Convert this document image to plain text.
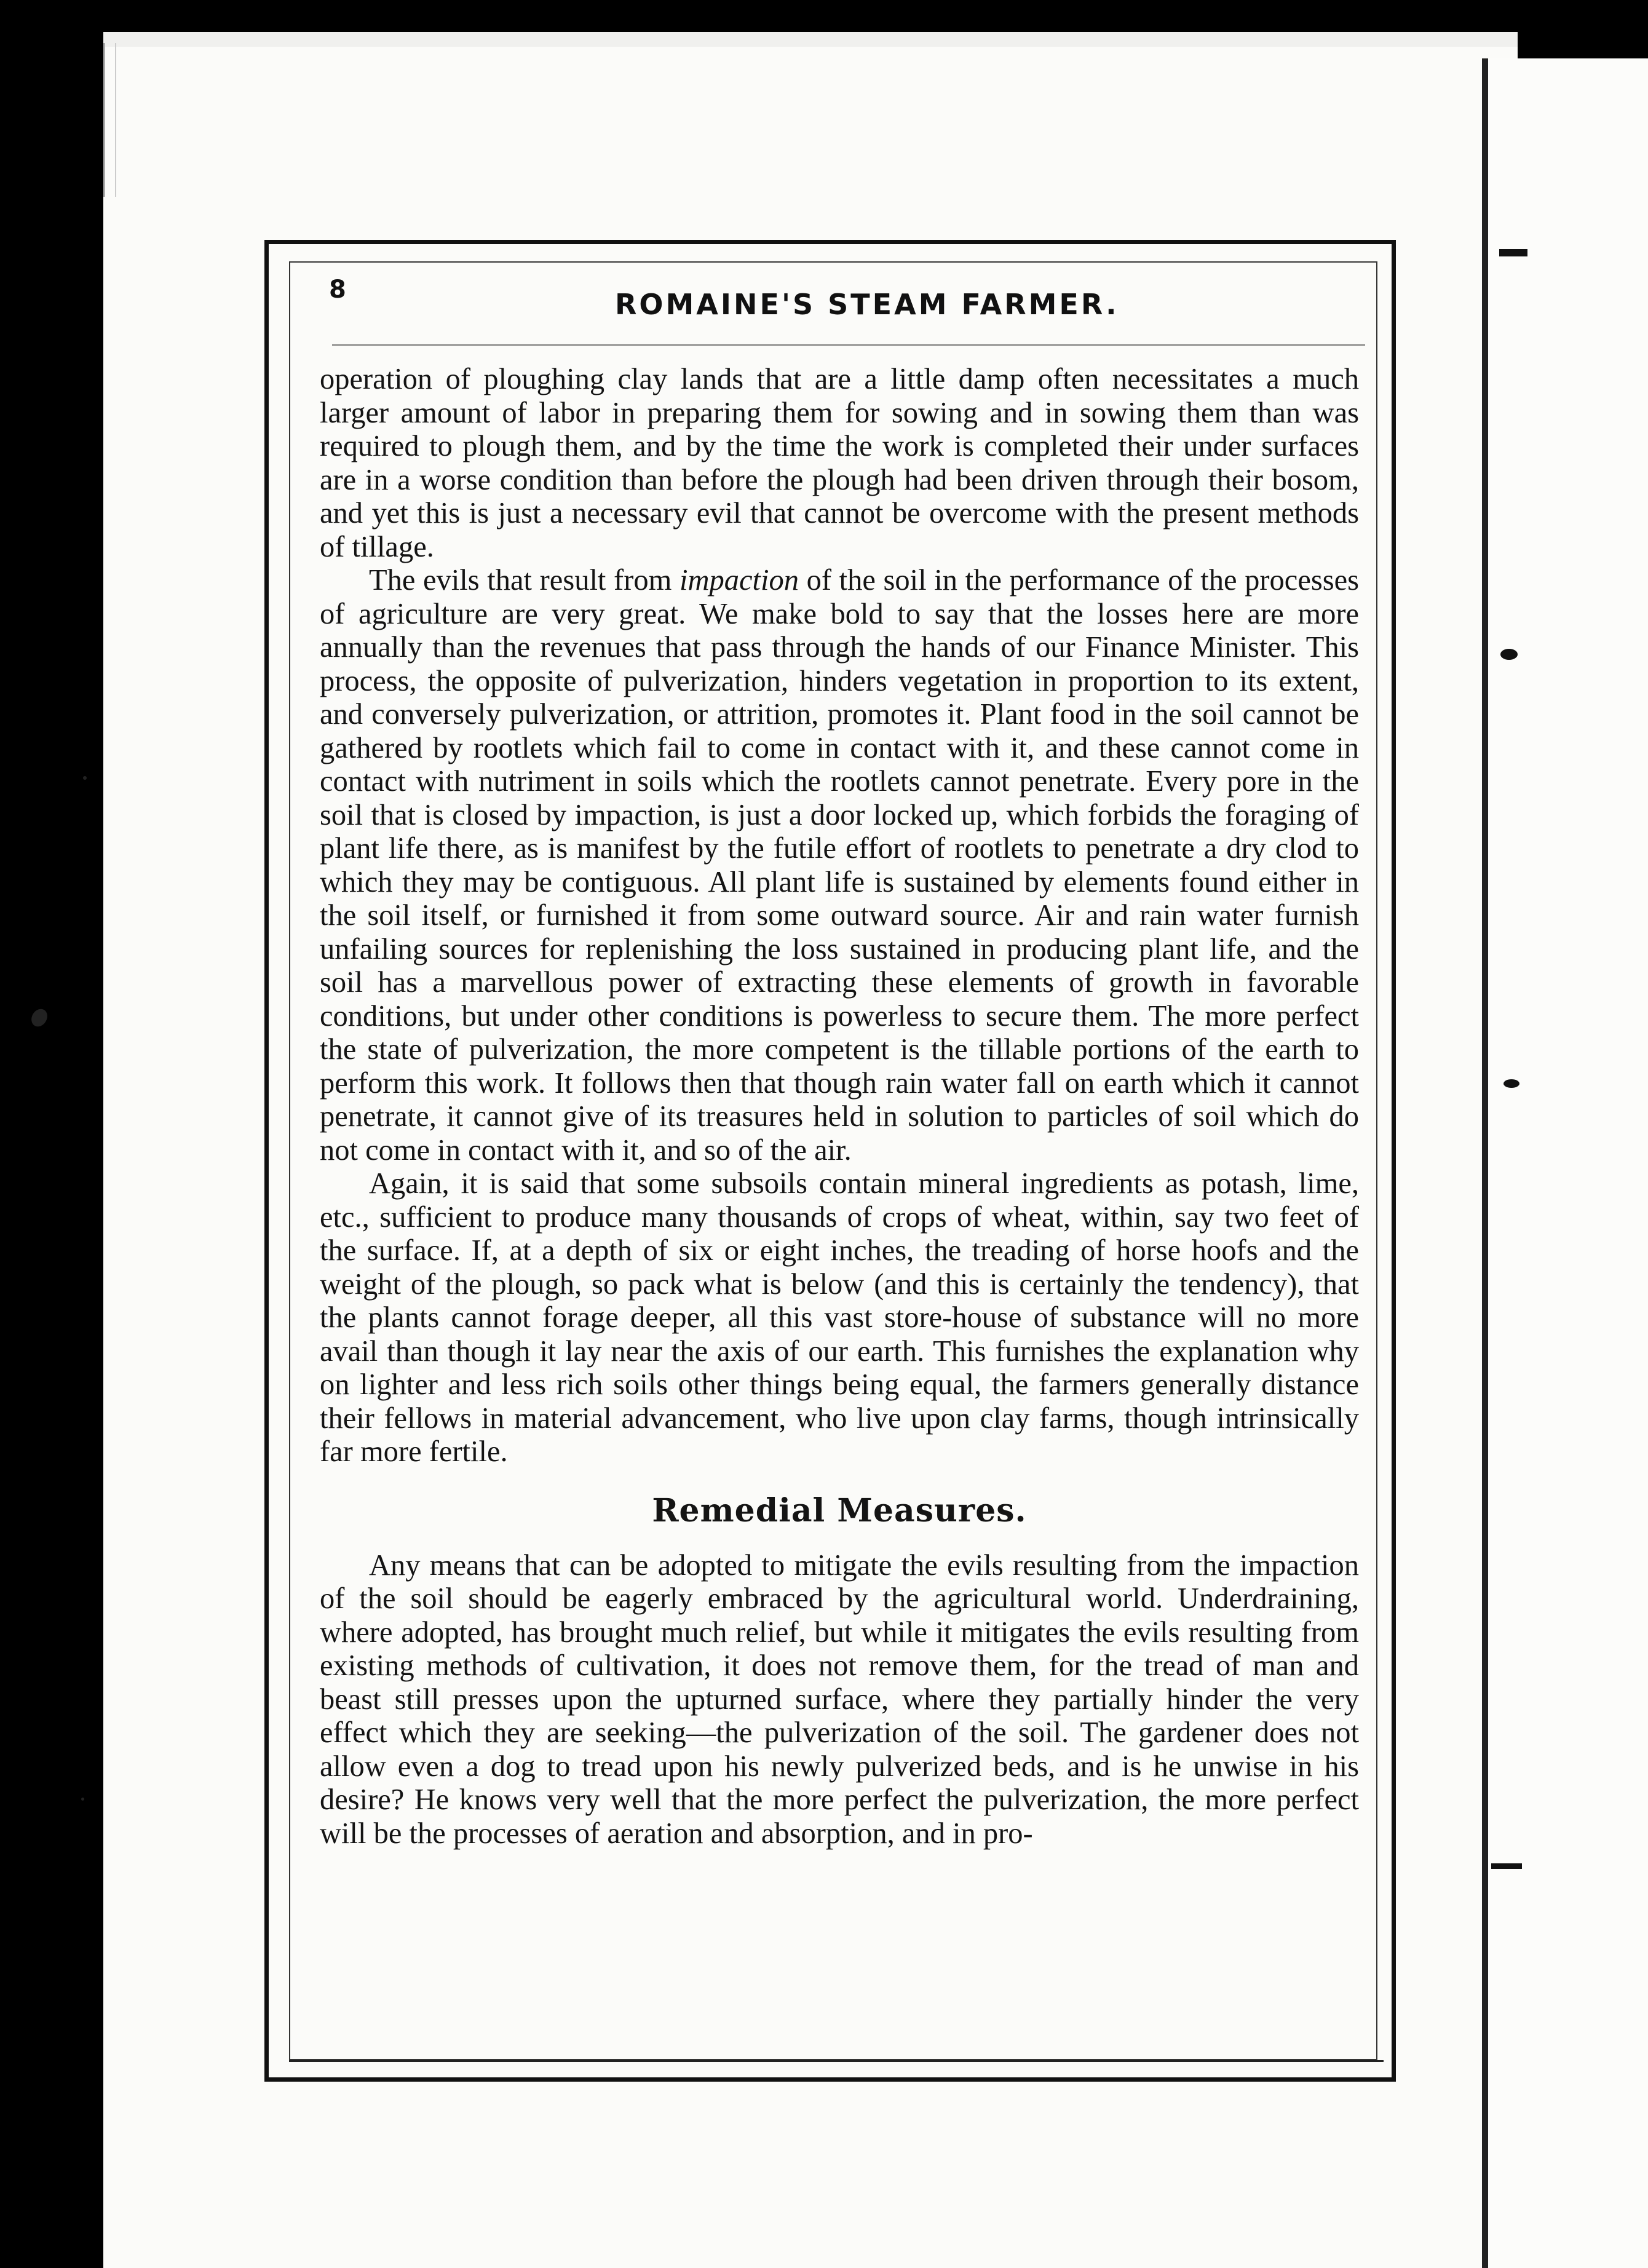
8	ROMAINE'S STEAM FARMER.

operation of ploughing clay lands that are a little damp often necessitates a much larger amount of labor in preparing them for sowing and in sowing them than was required to plough them, and by the time the work is completed their under surfaces are in a worse condition than before the plough had been driven through their bosom, and yet this is just a necessary evil that cannot be overcome with the present methods of tillage.

The evils that result from impaction of the soil in the performance of the processes of agriculture are very great. We make bold to say that the losses here are more annually than the revenues that pass through the hands of our Finance Minister. This process, the opposite of pulverization, hinders vegetation in proportion to its extent, and conversely pulverization, or attrition, promotes it. Plant food in the soil cannot be gathered by rootlets which fail to come in contact with it, and these cannot come in contact with nutriment in soils which the rootlets cannot penetrate. Every pore in the soil that is closed by impaction, is just a door locked up, which forbids the foraging of plant life there, as is manifest by the futile effort of rootlets to penetrate a dry clod to which they may be contiguous. All plant life is sustained by elements found either in the soil itself, or furnished it from some outward source. Air and rain water furnish unfailing sources for replenishing the loss sustained in producing plant life, and the soil has a marvellous power of extracting these elements of growth in favorable conditions, but under other conditions is powerless to secure them. The more perfect the state of pulverization, the more competent is the tillable portions of the earth to perform this work. It follows then that though rain water fall on earth which it cannot penetrate, it cannot give of its treasures held in solution to particles of soil which do not come in contact with it, and so of the air.

Again, it is said that some subsoils contain mineral ingredients as potash, lime, etc., sufficient to produce many thousands of crops of wheat, within, say two feet of the surface. If, at a depth of six or eight inches, the treading of horse hoofs and the weight of the plough, so pack what is below (and this is certainly the tendency), that the plants cannot forage deeper, all this vast store-house of substance will no more avail than though it lay near the axis of our earth. This furnishes the explanation why on lighter and less rich soils other things being equal, the farmers generally distance their fellows in material advancement, who live upon clay farms, though intrinsically far more fertile.

Remedial Measures.

Any means that can be adopted to mitigate the evils resulting from the impaction of the soil should be eagerly embraced by the agricultural world. Underdraining, where adopted, has brought much relief, but while it mitigates the evils resulting from existing methods of cultivation, it does not remove them, for the tread of man and beast still presses upon the upturned surface, where they partially hinder the very effect which they are seeking—the pulverization of the soil. The gardener does not allow even a dog to tread upon his newly pulverized beds, and is he unwise in his desire? He knows very well that the more perfect the pulverization, the more perfect will be the processes of aeration and absorption, and in pro-
